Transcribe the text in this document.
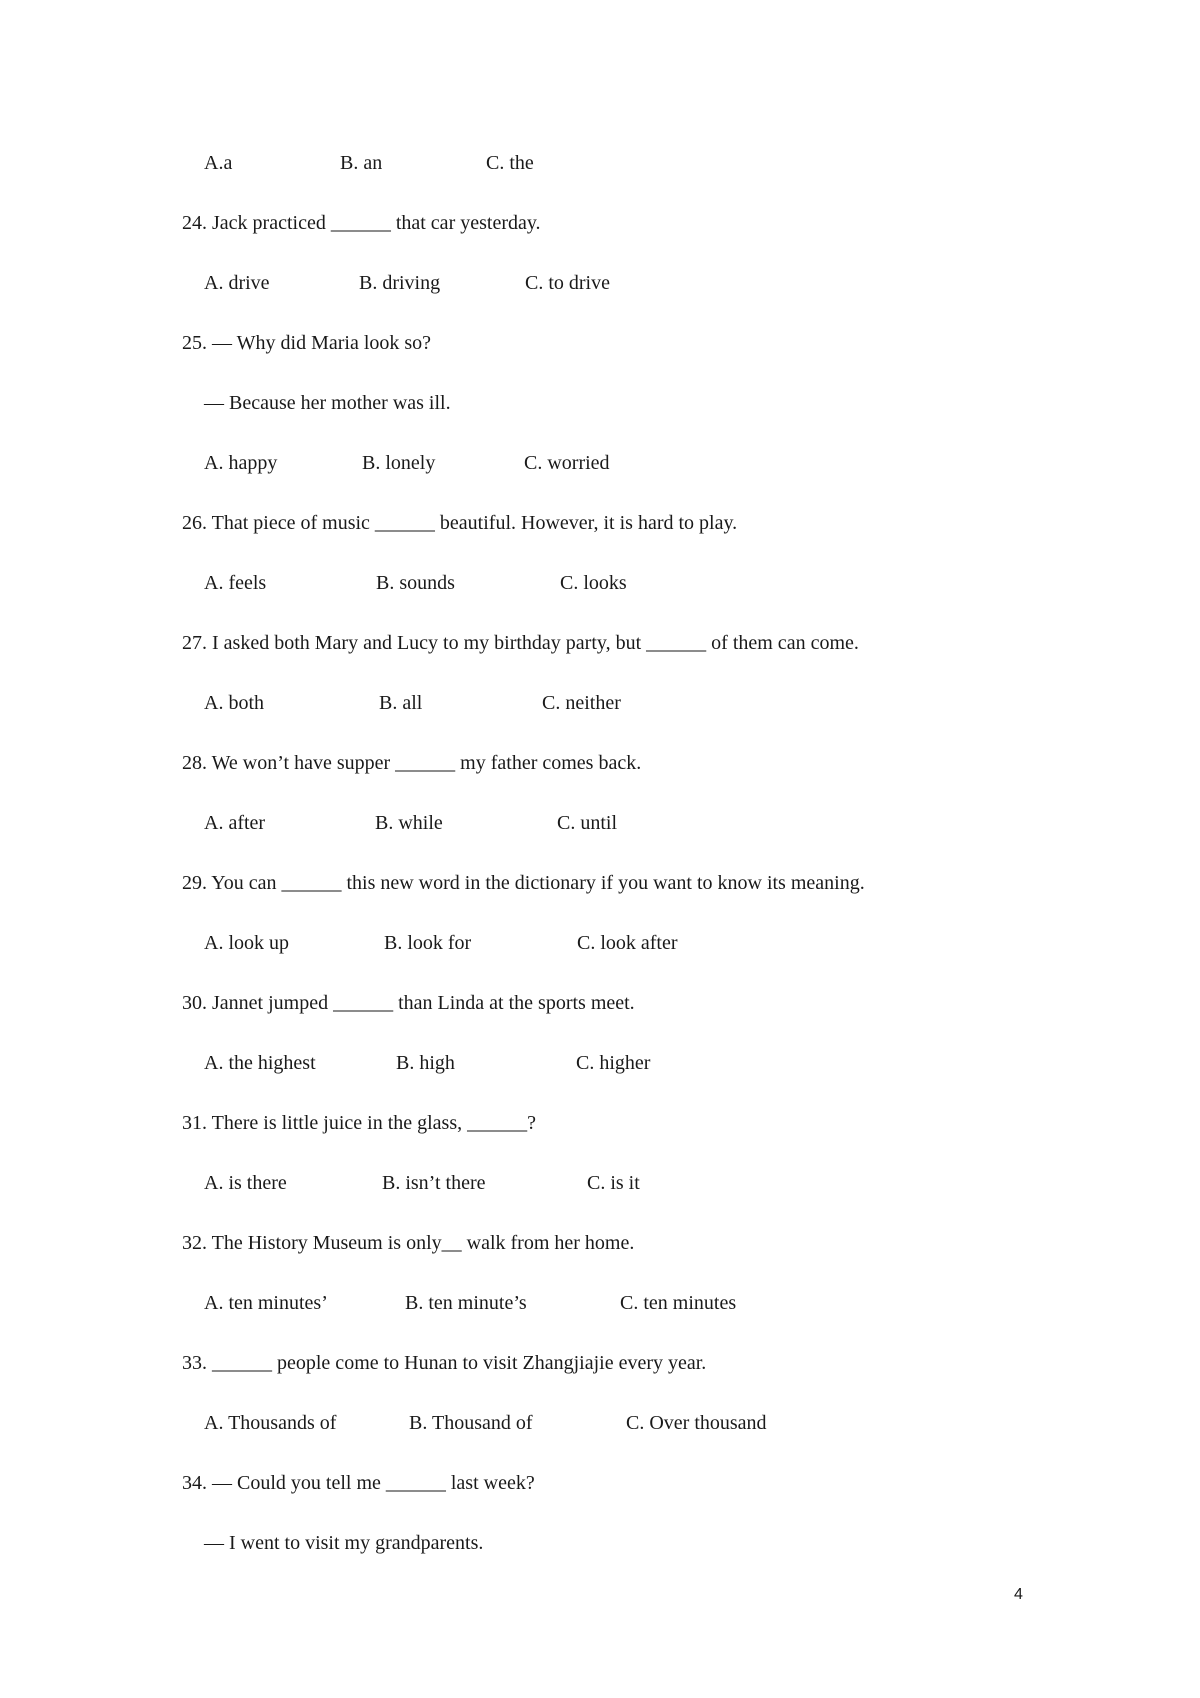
A.a

	B. an

	C. the

24. Jack practiced ______ that car yesterday.

A. drive

	B. driving

	C. to drive

25. — Why did Maria look so?
— Because her mother was ill.

A. happy

	B. lonely

	C. worried

26. That piece of music ______ beautiful. However, it is hard to play.

A. feels

	B. sounds

	C. looks

27. I asked both Mary and Lucy to my birthday party, but ______ of them can come.

A. both

	B. all

	C. neither

28. We won’t have supper ______ my father comes back.

A. after

	B. while

	C. until

29. You can ______ this new word in the dictionary if you want to know its meaning.

A. look up

	B. look for

	C. look after

30. Jannet jumped ______ than Linda at the sports meet.

A. the highest

	B. high

	C. higher

31. There is little juice in the glass, ______?

A. is there

	B. isn’t there

	C. is it

32. The History Museum is only__ walk from her home.

A. ten minutes’

	B. ten minute’s

	C. ten minutes

33. ______ people come to Hunan to visit Zhangjiajie every year.

A. Thousands of

	B. Thousand of

	C. Over thousand

34. — Could you tell me ______ last week?
— I went to visit my grandparents.
4
